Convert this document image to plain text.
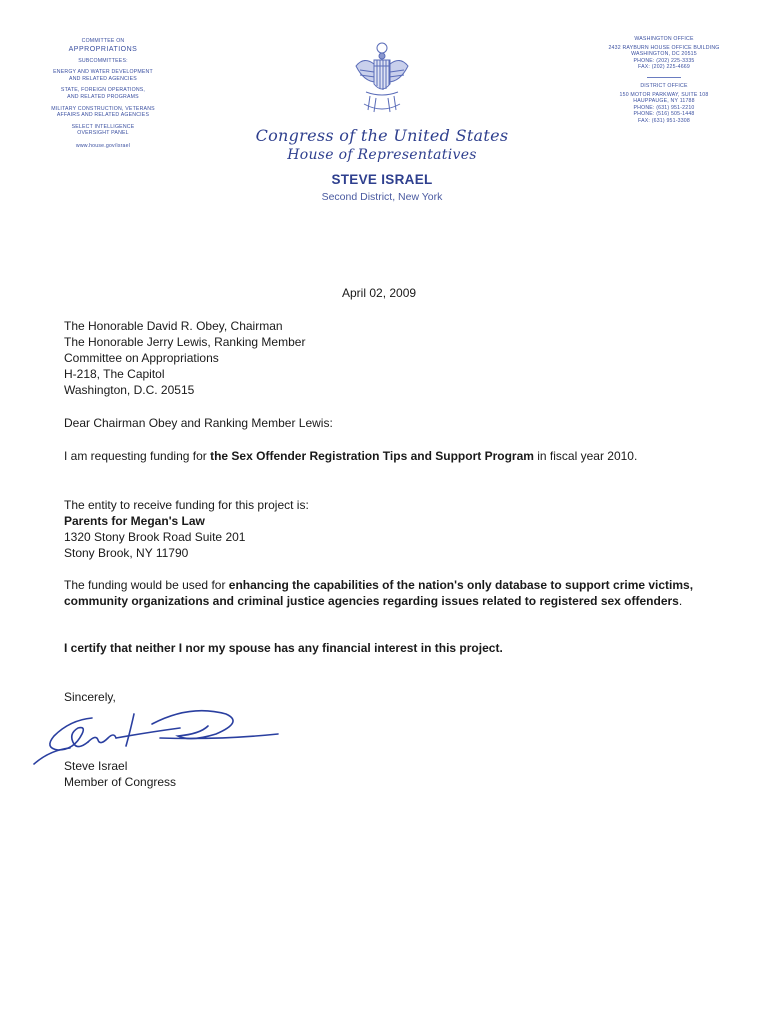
COMMITTEE ON
APPROPRIATIONS
SUBCOMMITTEES:
ENERGY AND WATER DEVELOPMENT
AND RELATED AGENCIES
STATE, FOREIGN OPERATIONS,
AND RELATED PROGRAMS
MILITARY CONSTRUCTION, VETERANS
AFFAIRS AND RELATED AGENCIES
SELECT INTELLIGENCE
OVERSIGHT PANEL
www.house.gov/israel
Congress of the United States
House of Representatives
STEVE ISRAEL
Second District, New York
WASHINGTON OFFICE
2432 RAYBURN HOUSE OFFICE BUILDING
WASHINGTON, DC 20515
PHONE: (202) 225-3335
FAX: (202) 225-4669
DISTRICT OFFICE
150 MOTOR PARKWAY, SUITE 108
HAUPPAUGE, NY 11788
PHONE: (631) 951-2210
PHONE: (516) 505-1448
FAX: (631) 951-3308
April 02, 2009
The Honorable David R. Obey, Chairman
The Honorable Jerry Lewis, Ranking Member
Committee on Appropriations
H-218, The Capitol
Washington, D.C. 20515
Dear Chairman Obey and Ranking Member Lewis:
I am requesting funding for the Sex Offender Registration Tips and Support Program in fiscal year 2010.
The entity to receive funding for this project is:
Parents for Megan's Law
1320 Stony Brook Road Suite 201
Stony Brook, NY 11790
The funding would be used for enhancing the capabilities of the nation's only database to support crime victims, community organizations and criminal justice agencies regarding issues related to registered sex offenders.
I certify that neither I nor my spouse has any financial interest in this project.
Sincerely,
Steve Israel
Member of Congress
